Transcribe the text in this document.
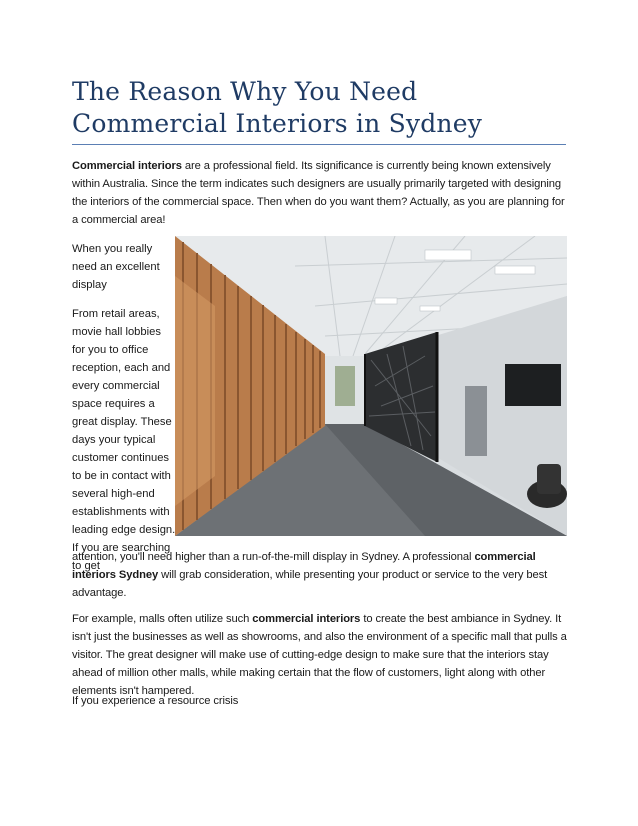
The Reason Why You Need Commercial Interiors in Sydney

Commercial interiors are a professional field. Its significance is currently being known extensively within Australia. Since the term indicates such designers are usually primarily targeted with designing the interiors of the commercial space. Then when do you want them? Actually, as you are planning for a commercial area!

When you really need an excellent display

From retail areas, movie hall lobbies for you to office reception, each and every commercial space requires a great display. These days your typical customer continues to be in contact with several high-end establishments with leading edge design. If you are searching to get

attention, you'll need higher than a run-of-the-mill display in Sydney. A professional commercial interiors Sydney will grab consideration, while presenting your product or service to the very best advantage.

For example, malls often utilize such commercial interiors to create the best ambiance in Sydney. It isn't just the businesses as well as showrooms, and also the environment of a specific mall that pulls a visitor. The great designer will make use of cutting-edge design to make sure that the interiors stay ahead of million other malls, while making certain that the flow of customers, light along with other elements isn't hampered.

If you experience a resource crisis
